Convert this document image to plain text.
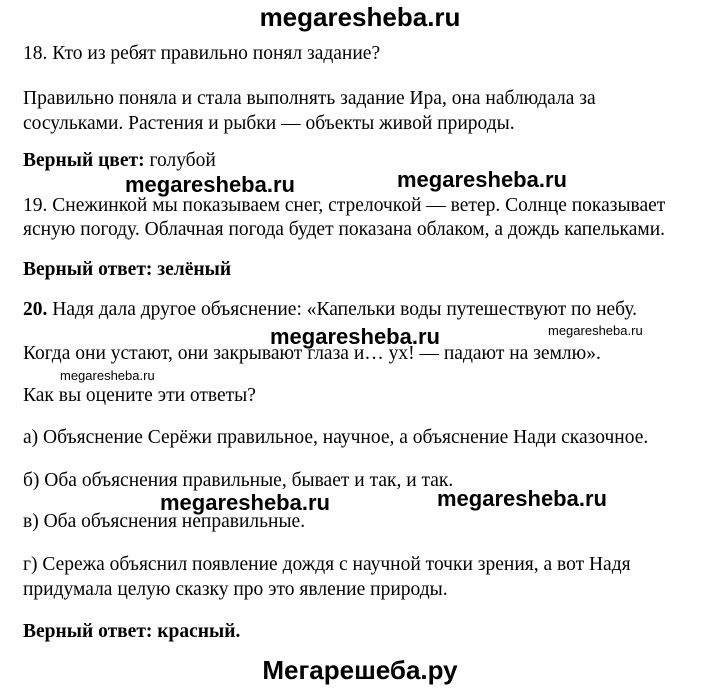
megaresheba.ru
18. Кто из ребят правильно понял задание?
Правильно поняла и стала выполнять задание Ира, она наблюдала за
сосульками. Растения и рыбки — объекты живой природы.
Верный цвет: голубой
megaresheba.ru	megaresheba.ru
19. Снежинкой мы показываем снег, стрелочкой — ветер. Солнце показывает
ясную погоду. Облачная погода будет показана облаком, а дождь капельками.
Верный ответ: зелёный
20. Надя дала другое объяснение: «Капельки воды путешествуют по небу.
megaresheba.ru	megaresheba.ru
Когда они устают, они закрывают глаза и… ух! — падают на землю».
megaresheba.ru
Как вы оцените эти ответы?
а) Объяснение Серёжи правильное, научное, а объяснение Нади сказочное.
б) Оба объяснения правильные, бывает и так, и так.
megaresheba.ru	megaresheba.ru
в) Оба объяснения неправильные.
г) Сережа объяснил появление дождя с научной точки зрения, а вот Надя
придумала целую сказку про это явление природы.
Верный ответ: красный.
Мегарешеба.ру
